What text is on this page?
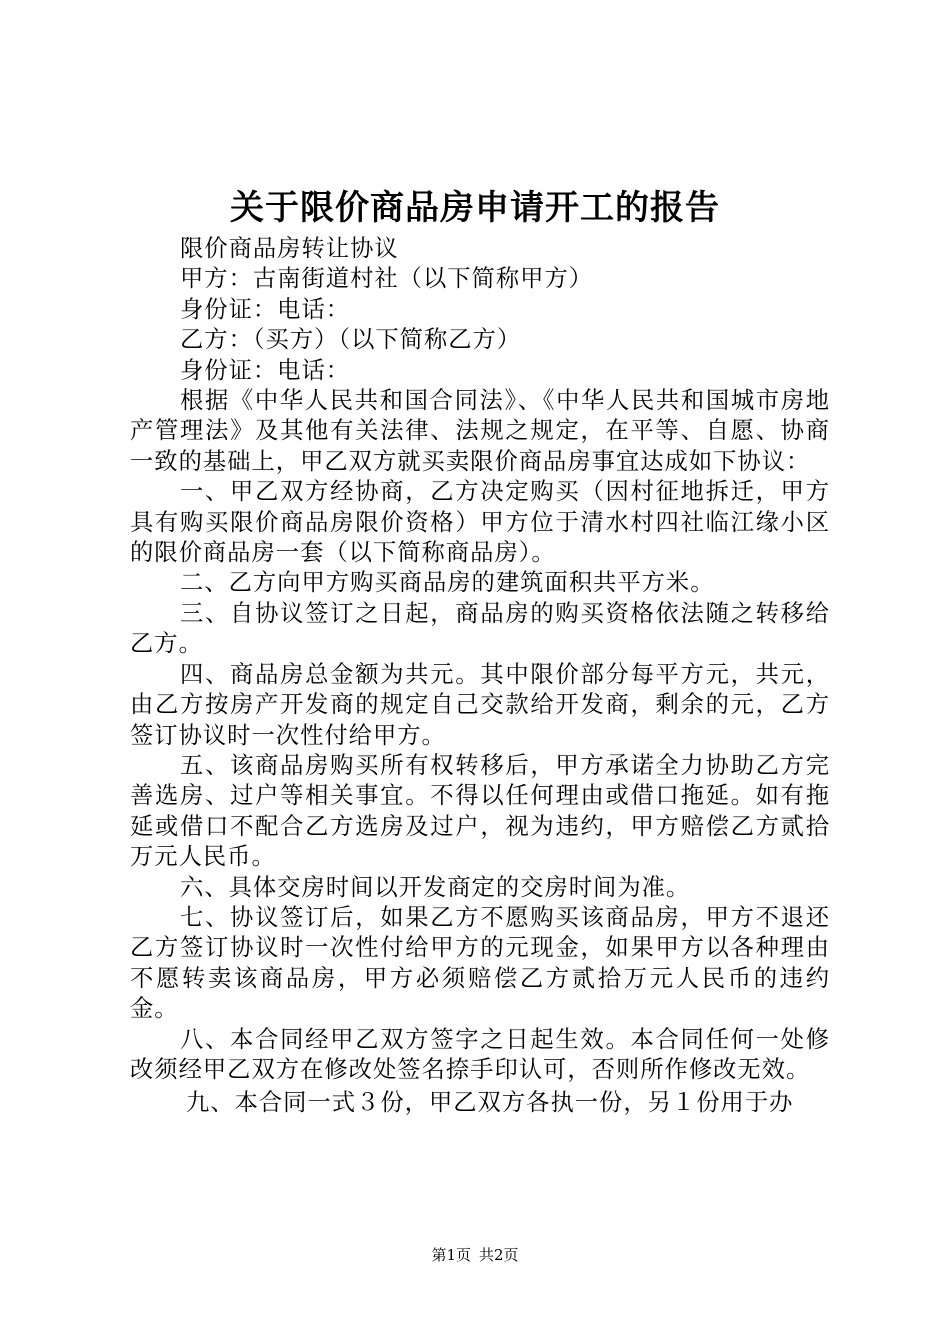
关于限价商品房申请开工的报告

限价商品房转让协议

甲方：古南街道村社（以下简称甲方）

身份证：电话：

乙方：（买方）（以下简称乙方）

身份证：电话：

根据《中华人民共和国合同法》、《中华人民共和国城市房地产管理法》及其他有关法律、法规之规定，在平等、自愿、协商一致的基础上，甲乙双方就买卖限价商品房事宜达成如下协议：

一、甲乙双方经协商，乙方决定购买（因村征地拆迁，甲方具有购买限价商品房限价资格）甲方位于清水村四社临江缘小区的限价商品房一套（以下简称商品房）。

二、乙方向甲方购买商品房的建筑面积共平方米。

三、自协议签订之日起，商品房的购买资格依法随之转移给乙方。

四、商品房总金额为共元。其中限价部分每平方元，共元，由乙方按房产开发商的规定自己交款给开发商，剩余的元，乙方签订协议时一次性付给甲方。

五、该商品房购买所有权转移后，甲方承诺全力协助乙方完善选房、过户等相关事宜。不得以任何理由或借口拖延。如有拖延或借口不配合乙方选房及过户，视为违约，甲方赔偿乙方贰拾万元人民币。

六、具体交房时间以开发商定的交房时间为准。

七、协议签订后，如果乙方不愿购买该商品房，甲方不退还乙方签订协议时一次性付给甲方的元现金，如果甲方以各种理由不愿转卖该商品房，甲方必须赔偿乙方贰拾万元人民币的违约金。

八、本合同经甲乙双方签字之日起生效。本合同任何一处修改须经甲乙双方在修改处签名捺手印认可，否则所作修改无效。

九、本合同一式３份，甲乙双方各执一份，另１份用于办

第1页 共2页
